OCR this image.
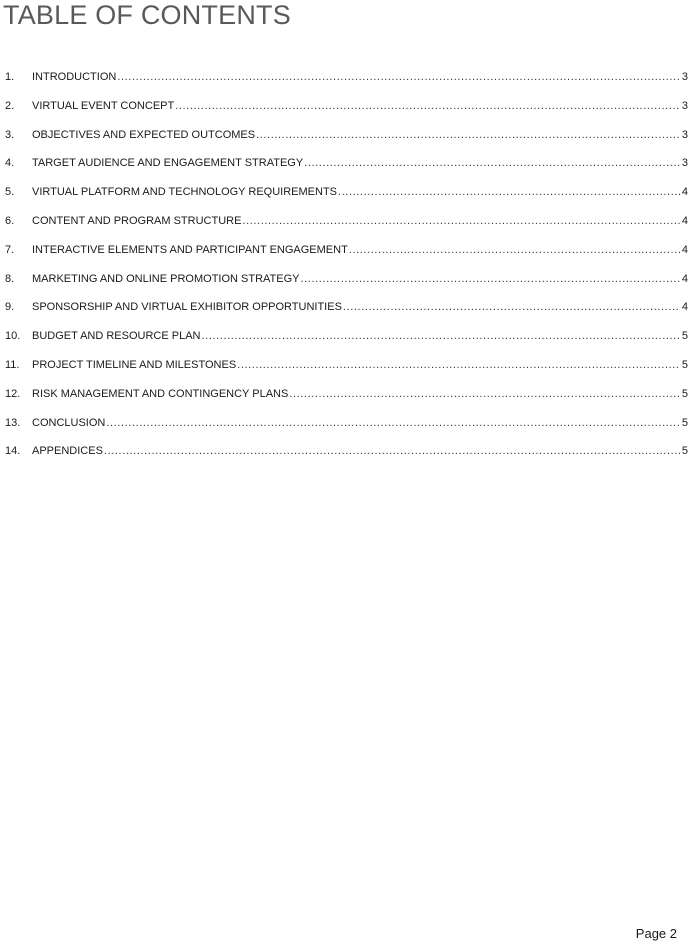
TABLE OF CONTENTS
1.	INTRODUCTION .....	3
2.	VIRTUAL EVENT CONCEPT .....	3
3.	OBJECTIVES AND EXPECTED OUTCOMES .....	3
4.	TARGET AUDIENCE AND ENGAGEMENT STRATEGY .....	3
5.	VIRTUAL PLATFORM AND TECHNOLOGY REQUIREMENTS .....	4
6.	CONTENT AND PROGRAM STRUCTURE .....	4
7.	INTERACTIVE ELEMENTS AND PARTICIPANT ENGAGEMENT .....	4
8.	MARKETING AND ONLINE PROMOTION STRATEGY .....	4
9.	SPONSORSHIP AND VIRTUAL EXHIBITOR OPPORTUNITIES .....	4
10.	BUDGET AND RESOURCE PLAN .....	5
11.	PROJECT TIMELINE AND MILESTONES .....	5
12.	RISK MANAGEMENT AND CONTINGENCY PLANS .....	5
13.	CONCLUSION .....	5
14.	APPENDICES .....	5
Page 2
